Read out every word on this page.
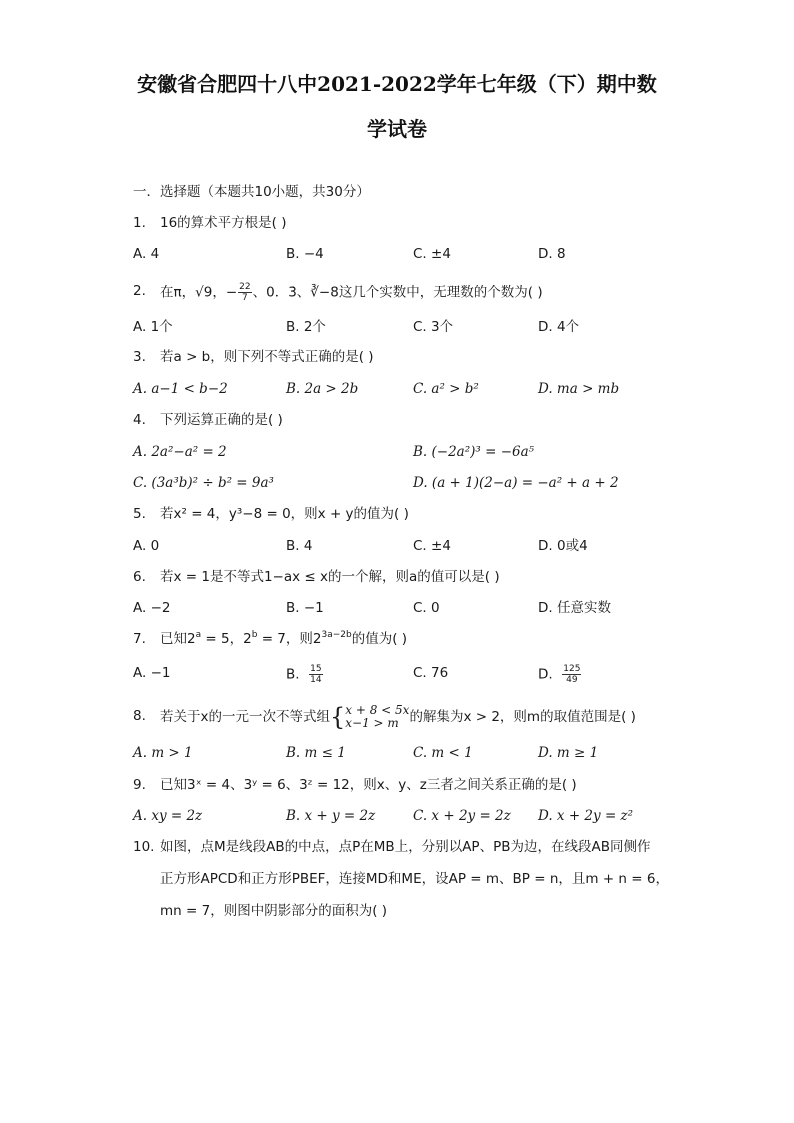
安徽省合肥四十八中2021-2022学年七年级（下）期中数
学试卷
一．选择题（本题共10小题，共30分）
1. 16的算术平方根是( )
A. 4	B. −4	C. ±4	D. 8
2. 在π，√9，− $\frac{22}{7}$ 、0．3̇、∛−8这几个实数中，无理数的个数为( )
A. 1个	B. 2个	C. 3个	D. 4个
3. 若a > b，则下列不等式正确的是( )
A. a−1 < b−2	B. 2a > 2b	C. a² > b²	D. ma > mb
4. 下列运算正确的是( )
A. 2a²−a² = 2	B. (−2a²)³ = −6a⁵
C. (3a³b)² ÷ b² = 9a³	D. (a + 1)(2−a) = −a² + a + 2
5. 若x² = 4，y³−8 = 0，则x + y的值为( )
A. 0	B. 4	C. ±4	D. 0或4
6. 若x = 1是不等式1−ax ≤ x的一个解，则a的值可以是( )
A. −2	B. −1	C. 0	D. 任意实数
7. 已知$2^a = 5$，$2^b = 7$，则$2^{3a-2b}$的值为( )
A. −1	B. $\frac{15}{14}$	C. 76	D. $\frac{125}{49}$
8. 若关于x的一元一次不等式组{ x + 8 < 5x
x−1 > m 的解集为x > 2，则m的取值范围是( )
A. m > 1	B. m ≤ 1	C. m < 1	D. m ≥ 1
9. 已知3ˣ = 4、3ʸ = 6、3ᶻ = 12，则x、y、z三者之间关系正确的是( )
A. xy = 2z	B. x + y = 2z	C. x + 2y = 2z D. x + 2y = z²
10. 如图，点M是线段AB的中点，点P在MB上，分别以AP、PB为边，在线段AB同侧作
正方形APCD和正方形PBEF，连接MD和ME，设AP = m、BP = n，且m + n = 6，
mn = 7，则图中阴影部分的面积为( )
